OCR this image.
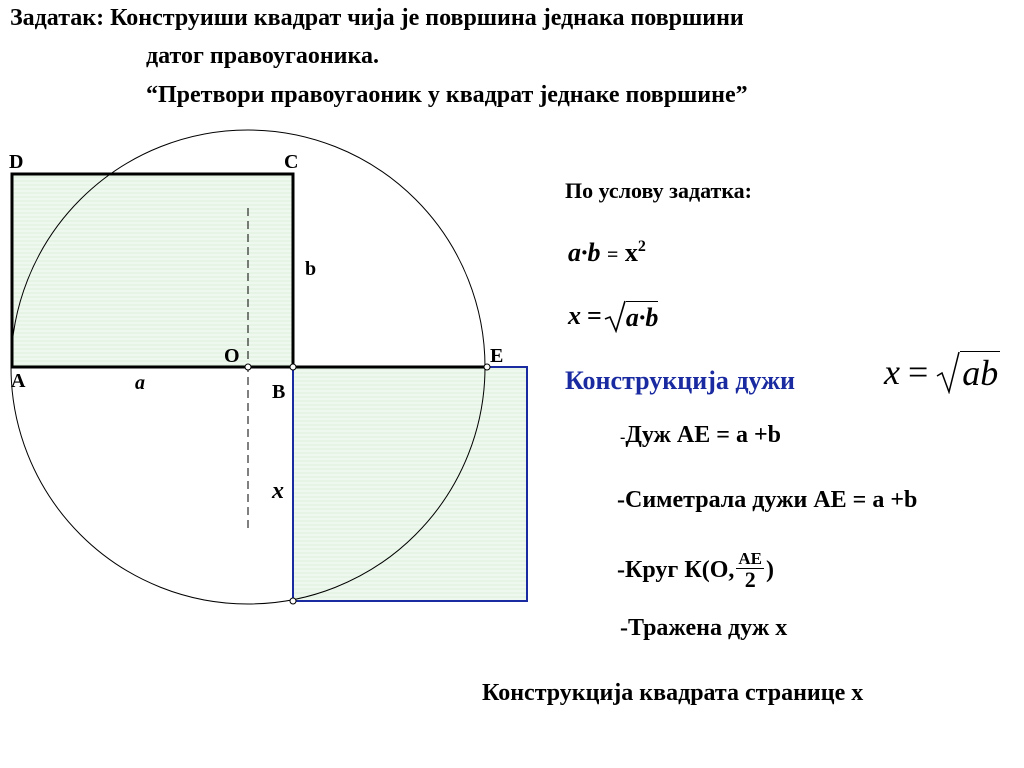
Задатак: Конструиши квадрат чија је површина једнака површини
датог правоугаоника.
“Претвори правоугаоник у квадрат једнаке површине”
D	C
A	B
O	E
a
b
x
По услову задатка:
$a\cdot b = x^2$
x = a·b
Конструкција дужи x = ab
-Дуж АЕ = a +b
-Симетрала дужи АЕ = a +b
-Круг К(О, АЕ
2 )
-Тражена дуж x
Конструкција квадрата странице x
